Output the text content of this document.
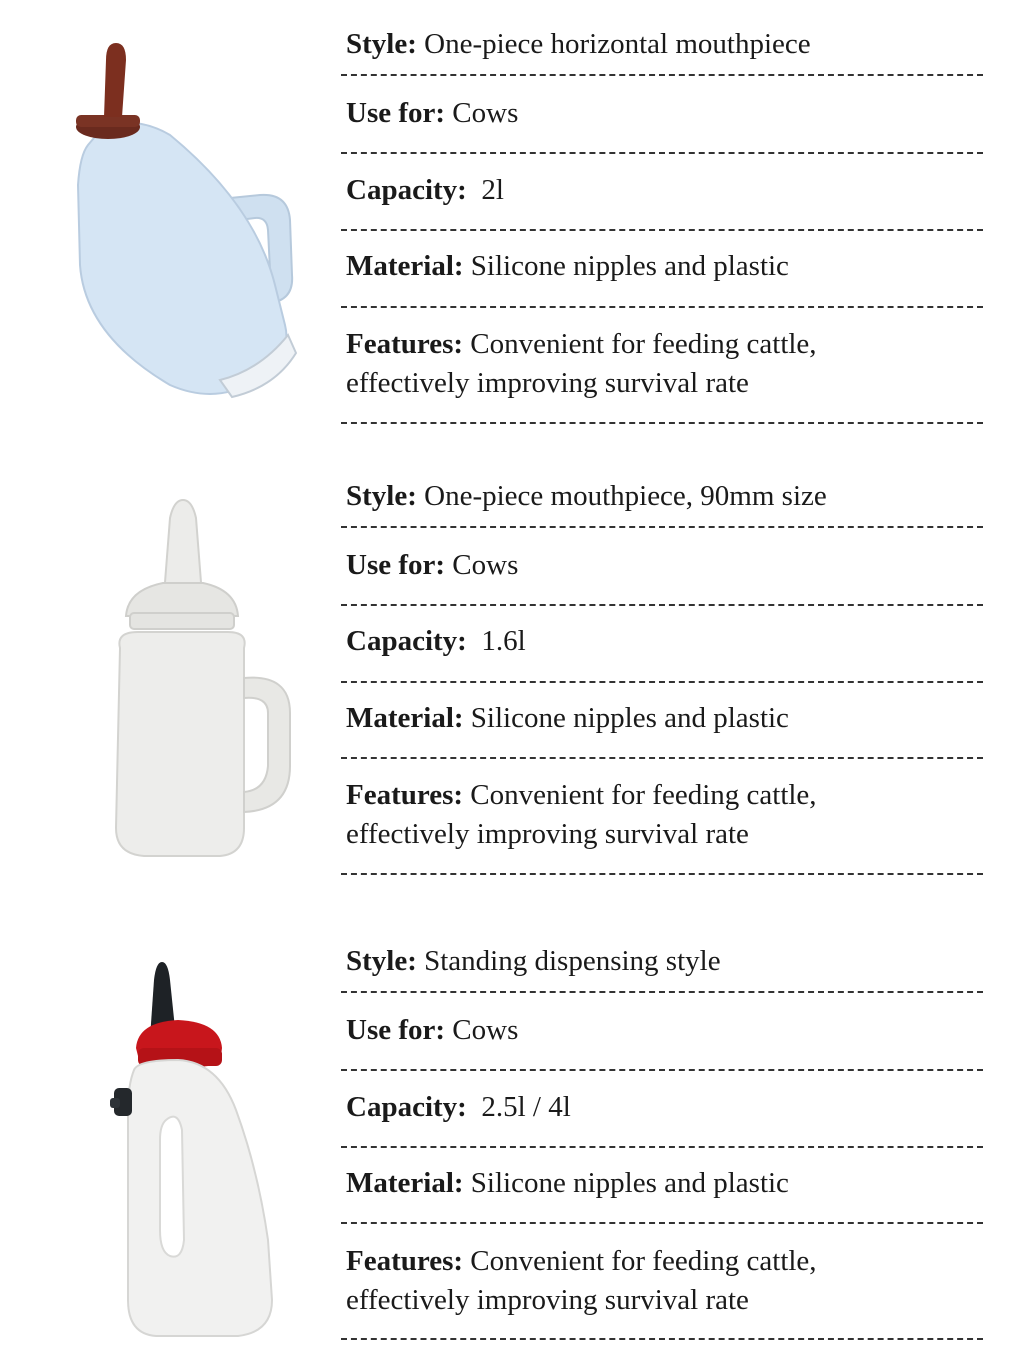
Style: One-piece horizontal mouthpiece
Use for: Cows
Capacity:  2l
Material: Silicone nipples and plastic
Features: Convenient for feeding cattle,
effectively improving survival rate
Style: One-piece mouthpiece, 90mm size
Use for: Cows
Capacity:  1.6l
Material: Silicone nipples and plastic
Features: Convenient for feeding cattle,
effectively improving survival rate
Style: Standing dispensing style
Use for: Cows
Capacity:  2.5l / 4l
Material: Silicone nipples and plastic
Features: Convenient for feeding cattle,
effectively improving survival rate
